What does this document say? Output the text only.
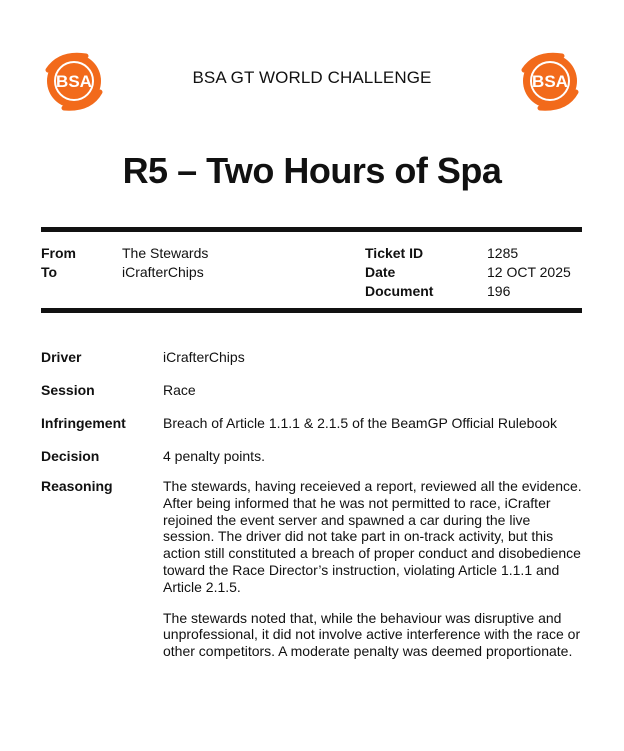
BSA	BSA GT WORLD CHALLENGE	BSA
R5 – Two Hours of Spa
From	The Stewards
To	iCrafterChips
Ticket ID	1285
Date	12 OCT 2025
Document	196
Driver	iCrafterChips
Session	Race
Infringement	Breach of Article 1.1.1 & 2.1.5 of the BeamGP Official Rulebook
Decision	4 penalty points.
Reasoning	The stewards, having receieved a report, reviewed all the evidence. After being informed that he was not permitted to race, iCrafter rejoined the event server and spawned a car during the live session. The driver did not take part in on-track activity, but this action still constituted a breach of proper conduct and disobedience toward the Race Director’s instruction, violating Article 1.1.1 and Article 2.1.5.

The stewards noted that, while the behaviour was disruptive and unprofessional, it did not involve active interference with the race or other competitors. A moderate penalty was deemed proportionate.
